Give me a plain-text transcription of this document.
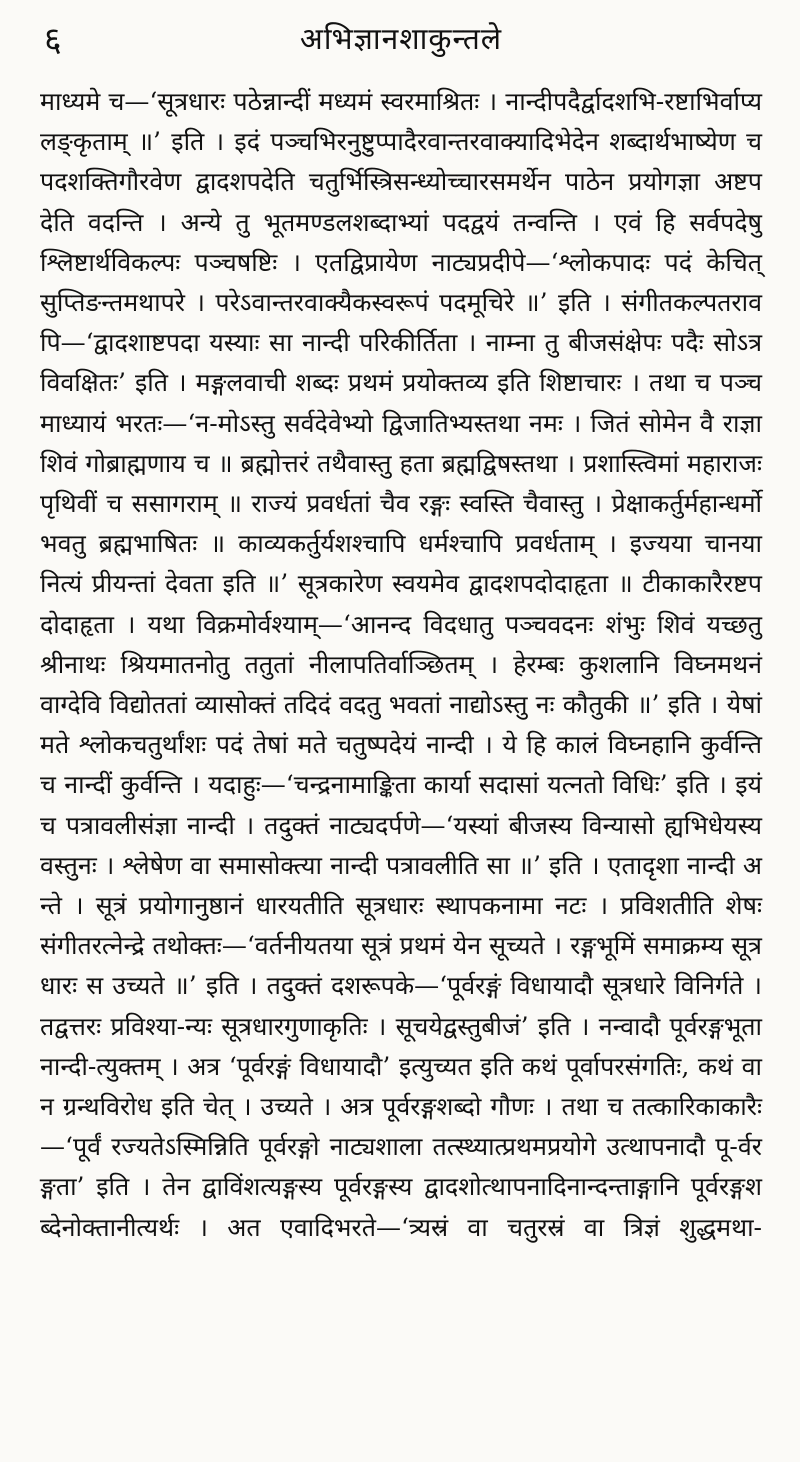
६	अभिज्ञानशाकुन्तले

माध्यमे च—‘सूत्रधारः पठेन्नान्दीं मध्यमं स्वरमाश्रितः । नान्दीपदैर्द्वादशभि-रष्टाभिर्वाप्यलङ्कृताम् ॥’ इति । इदं पञ्चभिरनुष्टुप्पादैरवान्तरवाक्यादिभेदेन शब्दार्थभाष्येण च पदशक्तिगौरवेण द्वादशपदेति चतुर्भिस्त्रिसन्ध्योच्चारसमर्थेन पाठेन प्रयोगज्ञा अष्टपदेति वदन्ति । अन्ये तु भूतमण्डलशब्दाभ्यां पदद्वयं तन्वन्ति । एवं हि सर्वपदेषु श्लिष्टार्थविकल्पः पञ्चषष्टिः । एतद्विप्रायेण नाट्यप्रदीपे—‘श्लोकपादः पदं केचित् सुप्तिङन्तमथापरे । परेऽवान्तरवाक्यैकस्वरूपं पदमूचिरे ॥’ इति । संगीतकल्पतरावपि—‘द्वादशाष्टपदा यस्याः सा नान्दी परिकीर्तिता । नाम्ना तु बीजसंक्षेपः पदैः सोऽत्र विवक्षितः’ इति । मङ्गलवाची शब्दः प्रथमं प्रयोक्तव्य इति शिष्टाचारः । तथा च पञ्चमाध्यायं भरतः—‘न-मोऽस्तु सर्वदेवेभ्यो द्विजातिभ्यस्तथा नमः । जितं सोमेन वै राज्ञा शिवं गोब्राह्मणाय च ॥ ब्रह्मोत्तरं तथैवास्तु हता ब्रह्मद्विषस्तथा । प्रशास्त्विमां महाराजः पृथिवीं च ससागराम् ॥ राज्यं प्रवर्धतां चैव रङ्गः स्वस्ति चैवास्तु । प्रेक्षाकर्तुर्महान्धर्मो भवतु ब्रह्मभाषितः ॥ काव्यकर्तुर्यशश्चापि धर्मश्चापि प्रवर्धताम् । इज्यया चानया नित्यं प्रीयन्तां देवता इति ॥’ सूत्रकारेण स्वयमेव द्वादशपदोदाहृता ॥ टीकाकारैरष्टपदोदाहृता । यथा विक्रमोर्वश्याम्—‘आनन्द विदधातु पञ्चवदनः शंभुः शिवं यच्छतु श्रीनाथः श्रियमातनोतु ततुतां नीलापतिर्वाञ्छितम् । हेरम्बः कुशलानि विघ्नमथनं वाग्देवि विद्योततां व्यासोक्तं तदिदं वदतु भवतां नाद्योऽस्तु नः कौतुकी ॥’ इति । येषां मते श्लोकचतुर्थांशः पदं तेषां मते चतुष्पदेयं नान्दी । ये हि कालं विघ्नहानि कुर्वन्ति च नान्दीं कुर्वन्ति । यदाहुः—‘चन्द्रनामाङ्किता कार्या सदासां यत्नतो विधिः’ इति । इयं च पत्रावलीसंज्ञा नान्दी । तदुक्तं नाट्यदर्पणे—‘यस्यां बीजस्य विन्यासो ह्यभिधेयस्य वस्तुनः । श्लेषेण वा समासोक्त्या नान्दी पत्रावलीति सा ॥’ इति । एतादृशा नान्दी अन्ते । सूत्रं प्रयोगानुष्ठानं धारयतीति सूत्रधारः स्थापकनामा नटः । प्रविशतीति शेषः संगीतरत्नेन्द्रे तथोक्तः—‘वर्तनीयतया सूत्रं प्रथमं येन सूच्यते । रङ्गभूमिं समाक्रम्य सूत्रधारः स उच्यते ॥’ इति । तदुक्तं दशरूपके—‘पूर्वरङ्गं विधायादौ सूत्रधारे विनिर्गते । तद्वत्तरः प्रविश्या-न्यः सूत्रधारगुणाकृतिः । सूचयेद्वस्तुबीजं’ इति । नन्वादौ पूर्वरङ्गभूता नान्दी-त्युक्तम् । अत्र ‘पूर्वरङ्गं विधायादौ’ इत्युच्यत इति कथं पूर्वापरसंगतिः, कथं वा न ग्रन्थविरोध इति चेत् । उच्यते । अत्र पूर्वरङ्गशब्दो गौणः । तथा च तत्कारिकाकारैः—‘पूर्वं रज्यतेऽस्मिन्निति पूर्वरङ्गो नाट्यशाला तत्स्थ्यात्प्रथमप्रयोगे उत्थापनादौ पू-र्वरङ्गता’ इति । तेन द्वाविंशत्यङ्गस्य पूर्वरङ्गस्य द्वादशोत्थापनादिनान्दन्ताङ्गानि पूर्वरङ्गशब्देनोक्तानीत्यर्थः । अत एवादिभरते—‘त्र्यस्रं वा चतुरस्रं वा त्रिज्ञं शुद्धमथा-
